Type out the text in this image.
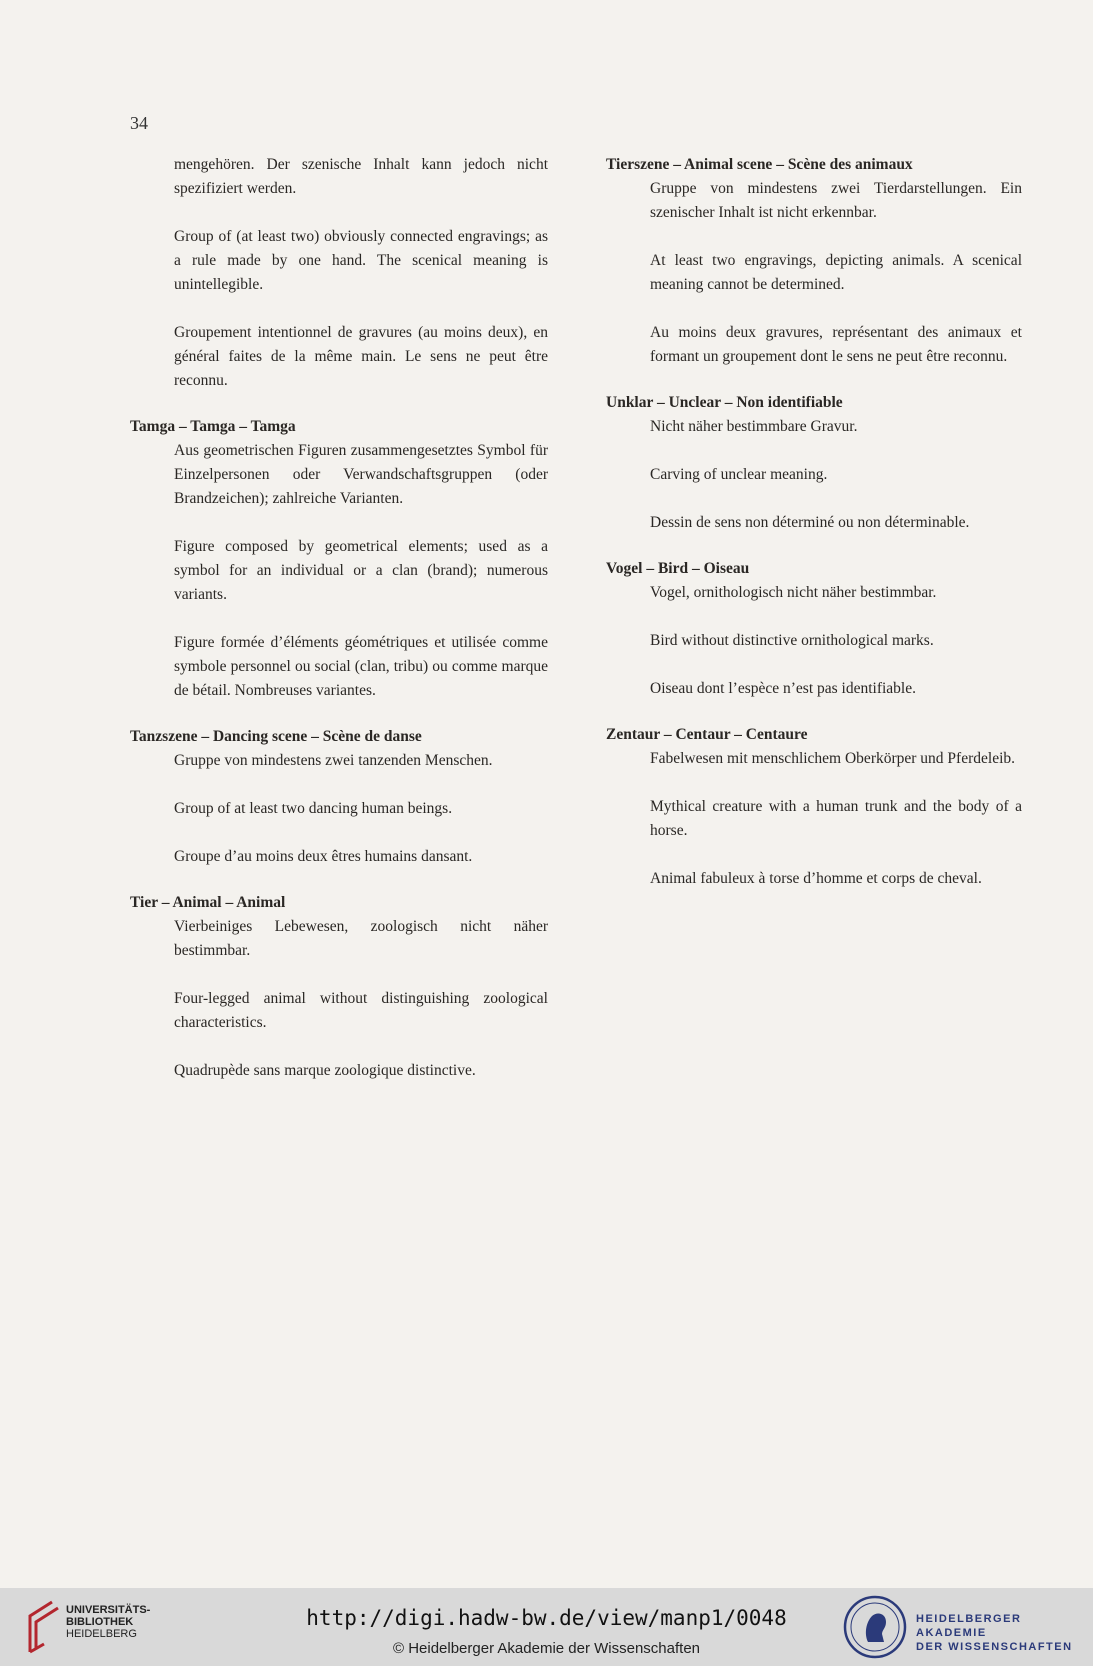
34

mengehören. Der szenische Inhalt kann jedoch nicht spezifiziert werden.

Group of (at least two) obviously connected engravings; as a rule made by one hand. The scenical meaning is unintellegible.

Groupement intentionnel de gravures (au moins deux), en général faites de la même main. Le sens ne peut être reconnu.

Tamga – Tamga – Tamga

Aus geometrischen Figuren zusammengesetztes Symbol für Einzelpersonen oder Verwandschaftsgruppen (oder Brandzeichen); zahlreiche Varianten.

Figure composed by geometrical elements; used as a symbol for an individual or a clan (brand); numerous variants.

Figure formée d’éléments géométriques et utilisée comme symbole personnel ou social (clan, tribu) ou comme marque de bétail. Nombreuses variantes.

Tanzszene – Dancing scene – Scène de danse

Gruppe von mindestens zwei tanzenden Menschen.

Group of at least two dancing human beings.

Groupe d’au moins deux êtres humains dansant.

Tier – Animal – Animal

Vierbeiniges Lebewesen, zoologisch nicht näher bestimmbar.

Four-legged animal without distinguishing zoological characteristics.

Quadrupède sans marque zoologique distinctive.

Tierszene – Animal scene – Scène des animaux

Gruppe von mindestens zwei Tierdarstellungen. Ein szenischer Inhalt ist nicht erkennbar.

At least two engravings, depicting animals. A scenical meaning cannot be determined.

Au moins deux gravures, représentant des animaux et formant un groupement dont le sens ne peut être reconnu.

Unklar – Unclear – Non identifiable

Nicht näher bestimmbare Gravur.

Carving of unclear meaning.

Dessin de sens non déterminé ou non déterminable.

Vogel – Bird – Oiseau

Vogel, ornithologisch nicht näher bestimmbar.

Bird without distinctive ornithological marks.

Oiseau dont l’espèce n’est pas identifiable.

Zentaur – Centaur – Centaure

Fabelwesen mit menschlichem Oberkörper und Pferdeleib.

Mythical creature with a human trunk and the body of a horse.

Animal fabuleux à torse d’homme et corps de cheval.

UNIVERSITÄTS-
BIBLIOTHEK
HEIDELBERG
http://digi.hadw-bw.de/view/manp1/0048
© Heidelberger Akademie der Wissenschaften
HEIDELBERGER AKADEMIE
DER WISSENSCHAFTEN
